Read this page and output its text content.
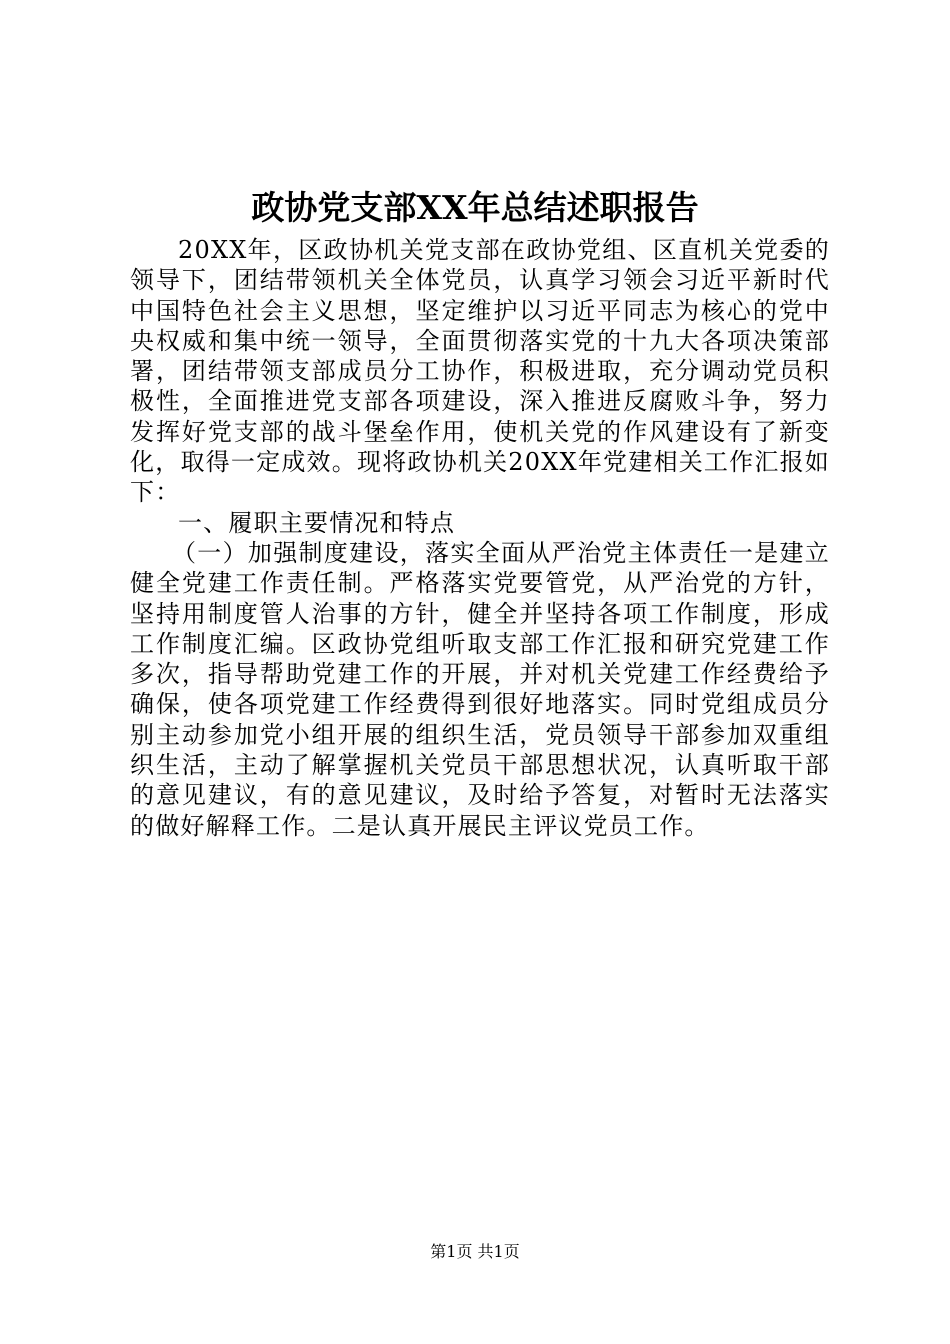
政协党支部XX年总结述职报告

20XX年，区政协机关党支部在政协党组、区直机关党委的领导下，团结带领机关全体党员，认真学习领会习近平新时代中国特色社会主义思想，坚定维护以习近平同志为核心的党中央权威和集中统一领导，全面贯彻落实党的十九大各项决策部署，团结带领支部成员分工协作，积极进取，充分调动党员积极性，全面推进党支部各项建设，深入推进反腐败斗争，努力发挥好党支部的战斗堡垒作用，使机关党的作风建设有了新变化，取得一定成效。现将政协机关20XX年党建相关工作汇报如下：

一、履职主要情况和特点

（一）加强制度建设，落实全面从严治党主体责任一是建立健全党建工作责任制。严格落实党要管党，从严治党的方针，坚持用制度管人治事的方针，健全并坚持各项工作制度，形成工作制度汇编。区政协党组听取支部工作汇报和研究党建工作多次，指导帮助党建工作的开展，并对机关党建工作经费给予确保，使各项党建工作经费得到很好地落实。同时党组成员分别主动参加党小组开展的组织生活，党员领导干部参加双重组织生活，主动了解掌握机关党员干部思想状况，认真听取干部的意见建议，有的意见建议，及时给予答复，对暂时无法落实的做好解释工作。二是认真开展民主评议党员工作。

第1页 共1页
